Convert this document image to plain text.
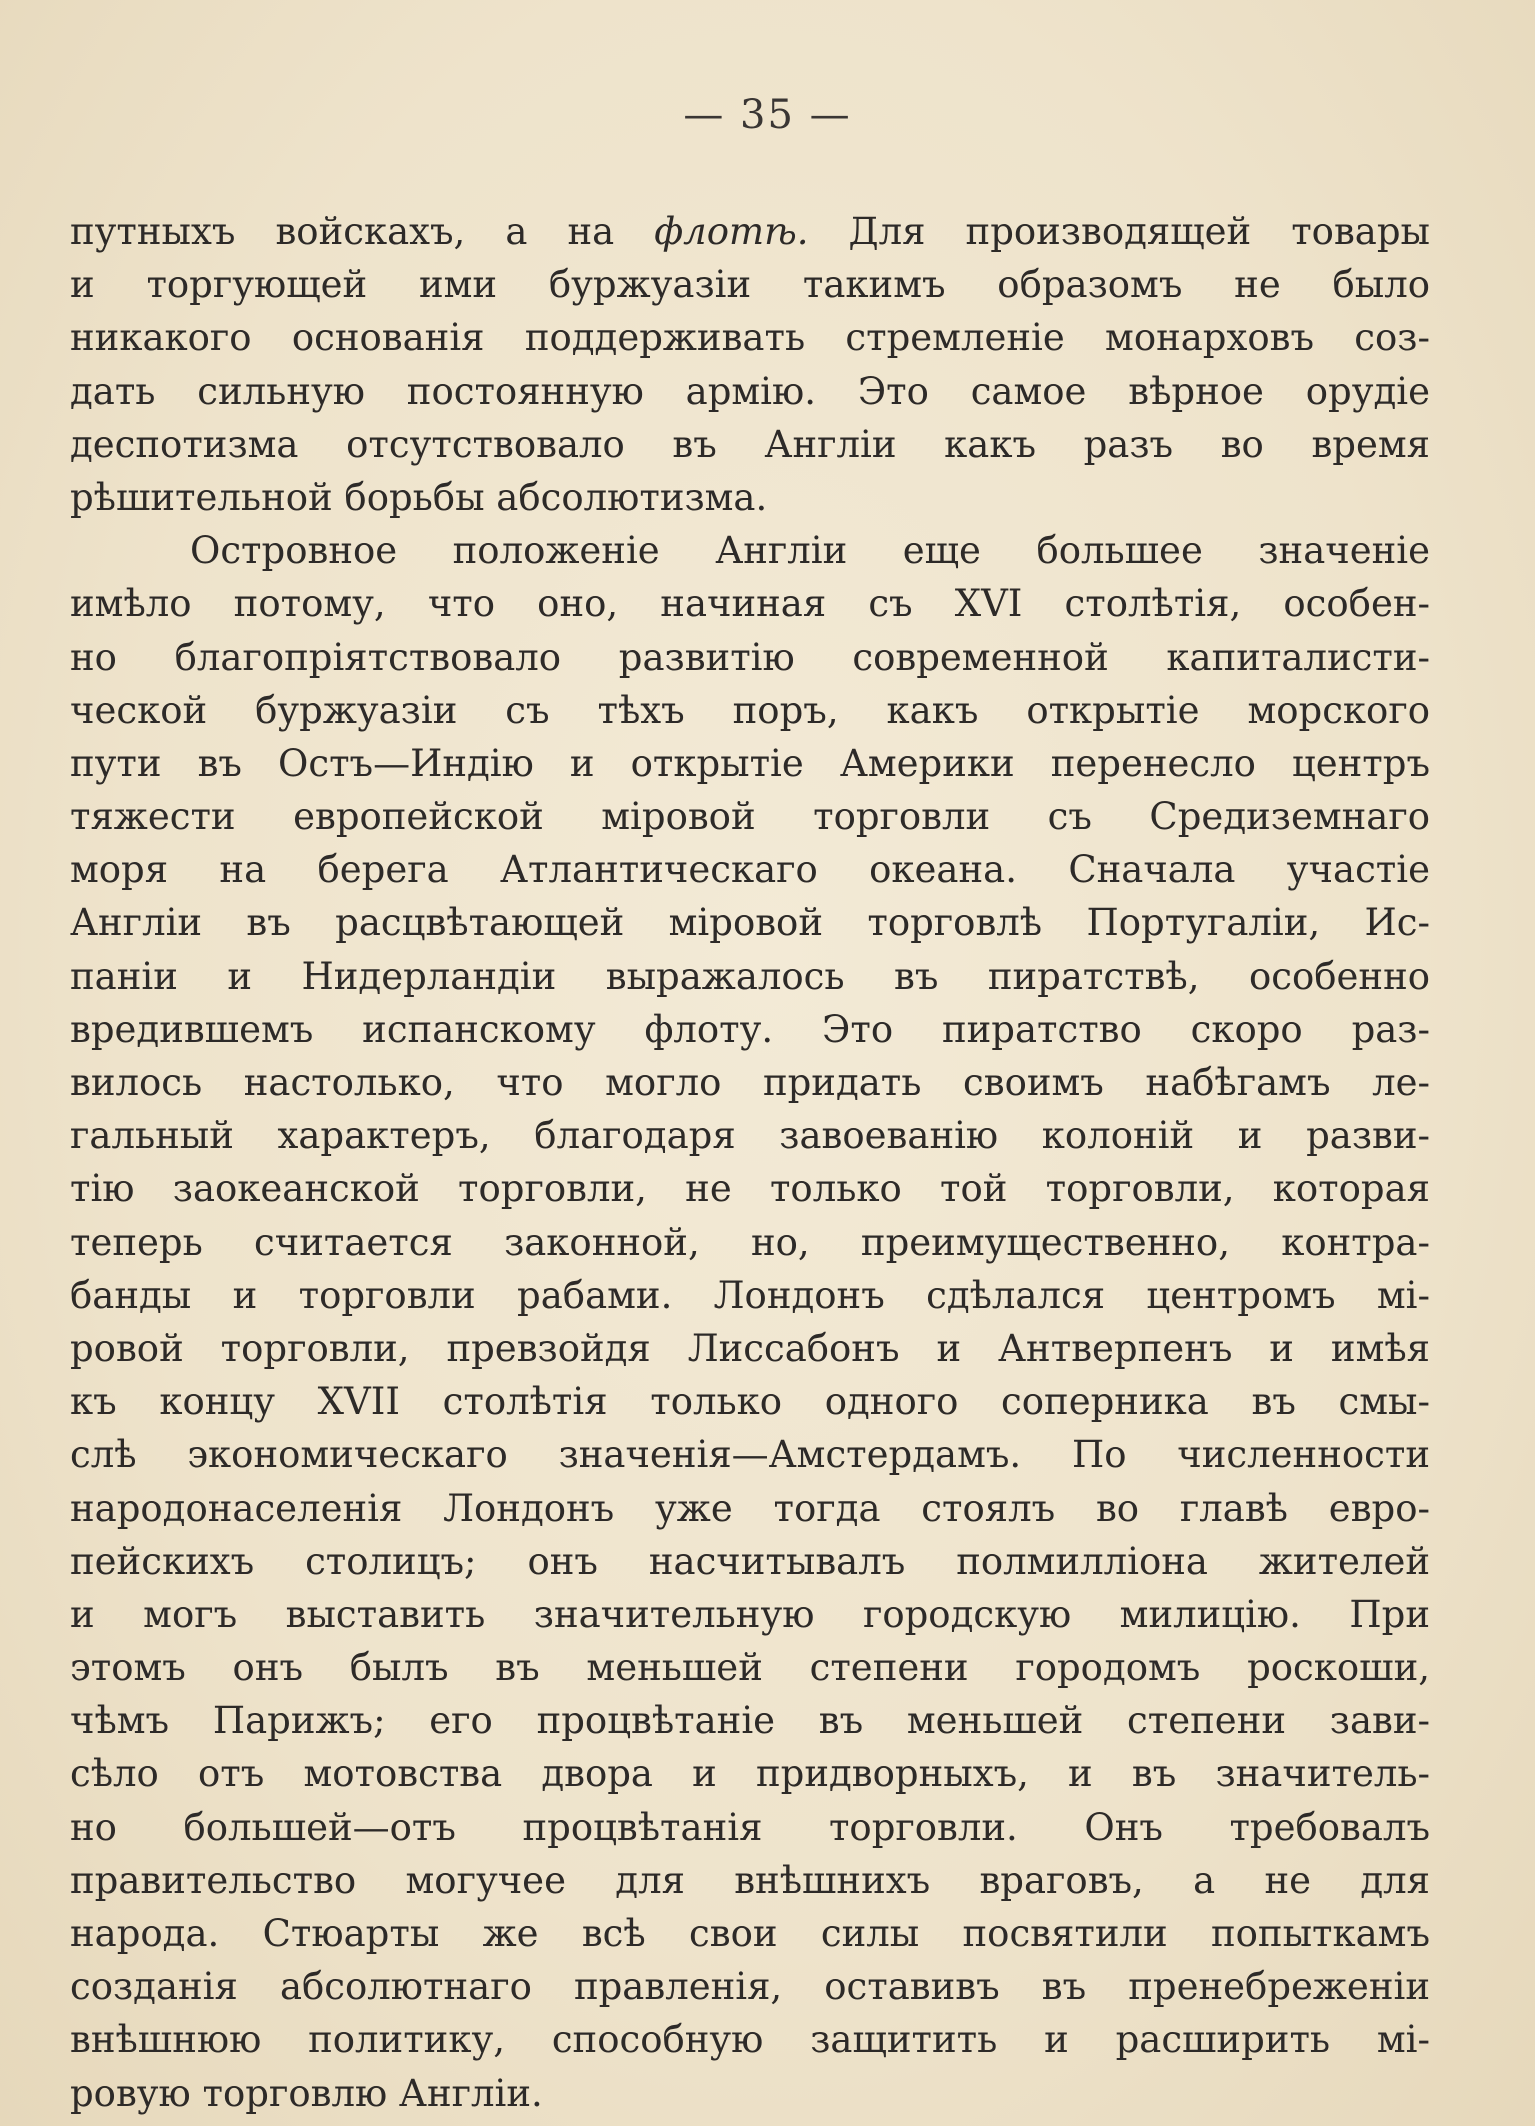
— 35 —
путныхъ войскахъ, а на флотѣ. Для производящей товары
и торгующей ими буржуазіи такимъ образомъ не было
никакого основанія поддерживать стремленіе монарховъ соз-
дать сильную постоянную армію. Это самое вѣрное орудіе
деспотизма отсутствовало въ Англіи какъ разъ во время
рѣшительной борьбы абсолютизма.
Островное положеніе Англіи еще большее значеніе
имѣло потому, что оно, начиная съ XVI столѣтія, особен-
но благопріятствовало развитію современной капиталисти-
ческой буржуазіи съ тѣхъ поръ, какъ открытіе морского
пути въ Остъ—Индію и открытіе Америки перенесло центръ
тяжести европейской міровой торговли съ Средиземнаго
моря на берега Атлантическаго океана. Сначала участіе
Англіи въ расцвѣтающей міровой торговлѣ Португаліи, Ис-
паніи и Нидерландіи выражалось въ пиратствѣ, особенно
вредившемъ испанскому флоту. Это пиратство скоро раз-
вилось настолько, что могло придать своимъ набѣгамъ ле-
гальный характеръ, благодаря завоеванію колоній и разви-
тію заокеанской торговли, не только той торговли, которая
теперь считается законной, но, преимущественно, контра-
банды и торговли рабами. Лондонъ сдѣлался центромъ мі-
ровой торговли, превзойдя Лиссабонъ и Антверпенъ и имѣя
къ концу XVII столѣтія только одного соперника въ смы-
слѣ экономическаго значенія—Амстердамъ. По численности
народонаселенія Лондонъ уже тогда стоялъ во главѣ евро-
пейскихъ столицъ; онъ насчитывалъ полмилліона жителей
и могъ выставить значительную городскую милицію. При
этомъ онъ былъ въ меньшей степени городомъ роскоши,
чѣмъ Парижъ; его процвѣтаніе въ меньшей степени зави-
сѣло отъ мотовства двора и придворныхъ, и въ значитель-
но большей—отъ процвѣтанія торговли. Онъ требовалъ
правительство могучее для внѣшнихъ враговъ, а не для
народа. Стюарты же всѣ свои силы посвятили попыткамъ
созданія абсолютнаго правленія, оставивъ въ пренебреженіи
внѣшнюю политику, способную защитить и расширить мі-
ровую торговлю Англіи.
